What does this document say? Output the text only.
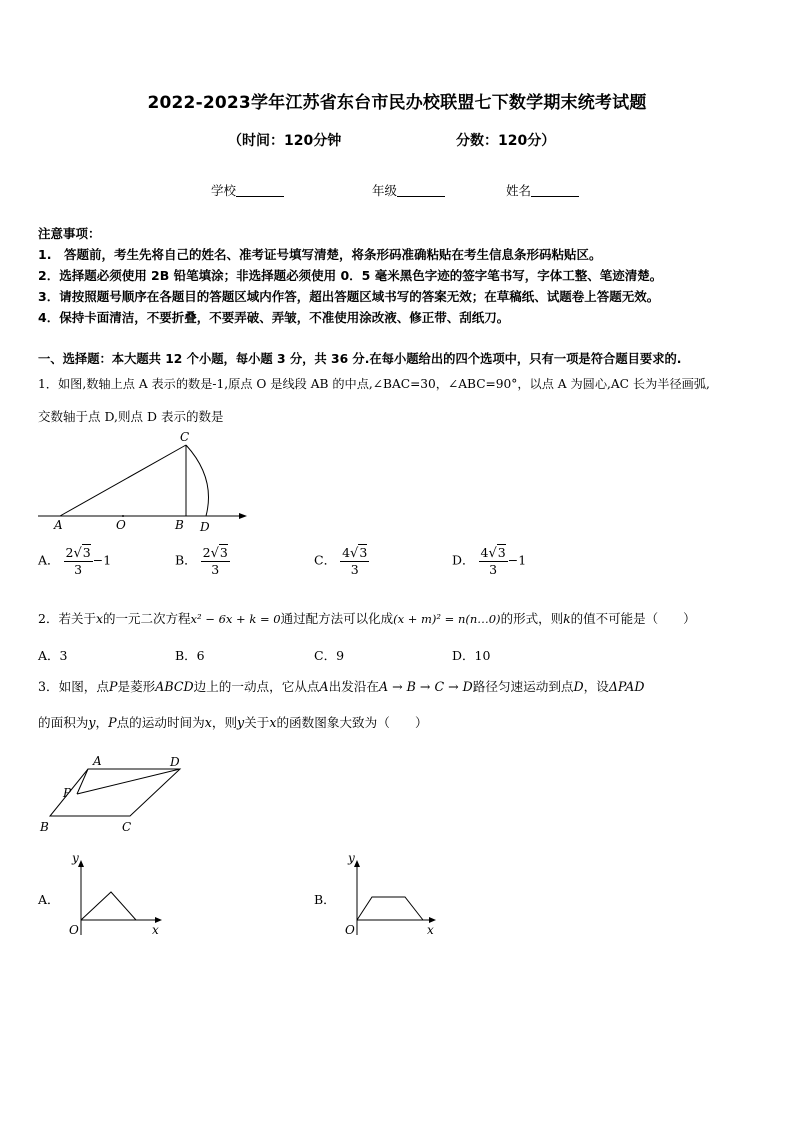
2022-2023学年江苏省东台市民办校联盟七下数学期末统考试题
（时间：120分钟	分数：120分）
学校	年级	姓名
注意事项：
1.　答题前，考生先将自己的姓名、准考证号填写清楚，将条形码准确粘贴在考生信息条形码粘贴区。
2．选择题必须使用 2B 铅笔填涂；非选择题必须使用 0．5 毫米黑色字迹的签字笔书写，字体工整、笔迹清楚。
3．请按照题号顺序在各题目的答题区域内作答，超出答题区域书写的答案无效；在草稿纸、试题卷上答题无效。
4．保持卡面清洁，不要折叠，不要弄破、弄皱，不准使用涂改液、修正带、刮纸刀。
一、选择题：本大题共 12 个小题，每小题 3 分，共 36 分.在每小题给出的四个选项中，只有一项是符合题目要求的.
1．如图,数轴上点 A 表示的数是-1,原点 O 是线段 AB 的中点,∠BAC=30，∠ABC=90°，以点 A 为圆心,AC 长为半径画弧,
交数轴于点 D,则点 D 表示的数是
A	O	B
C
D
A． $\frac{2√3}{3} -1$	B． $\frac{2√3}{3}$	C． $\frac{4√3}{3}$	D． $\frac{4√3}{3} -1$
2．若关于x的一元二次方程x² − 6x + k = 0通过配方法可以化成(x + m)² = n(n…0)的形式，则k的值不可能是（　　）
A．3	B．6	C．9	D．10
3．如图，点P是菱形ABCD边上的一动点，它从点A出发沿在A → B → C → D路径匀速运动到点D，设ΔPAD
的面积为y，P点的运动时间为x，则y关于x的函数图象大致为（　　）
A	D
P
B	C
A．
y
O	x
B．
y
O	x
